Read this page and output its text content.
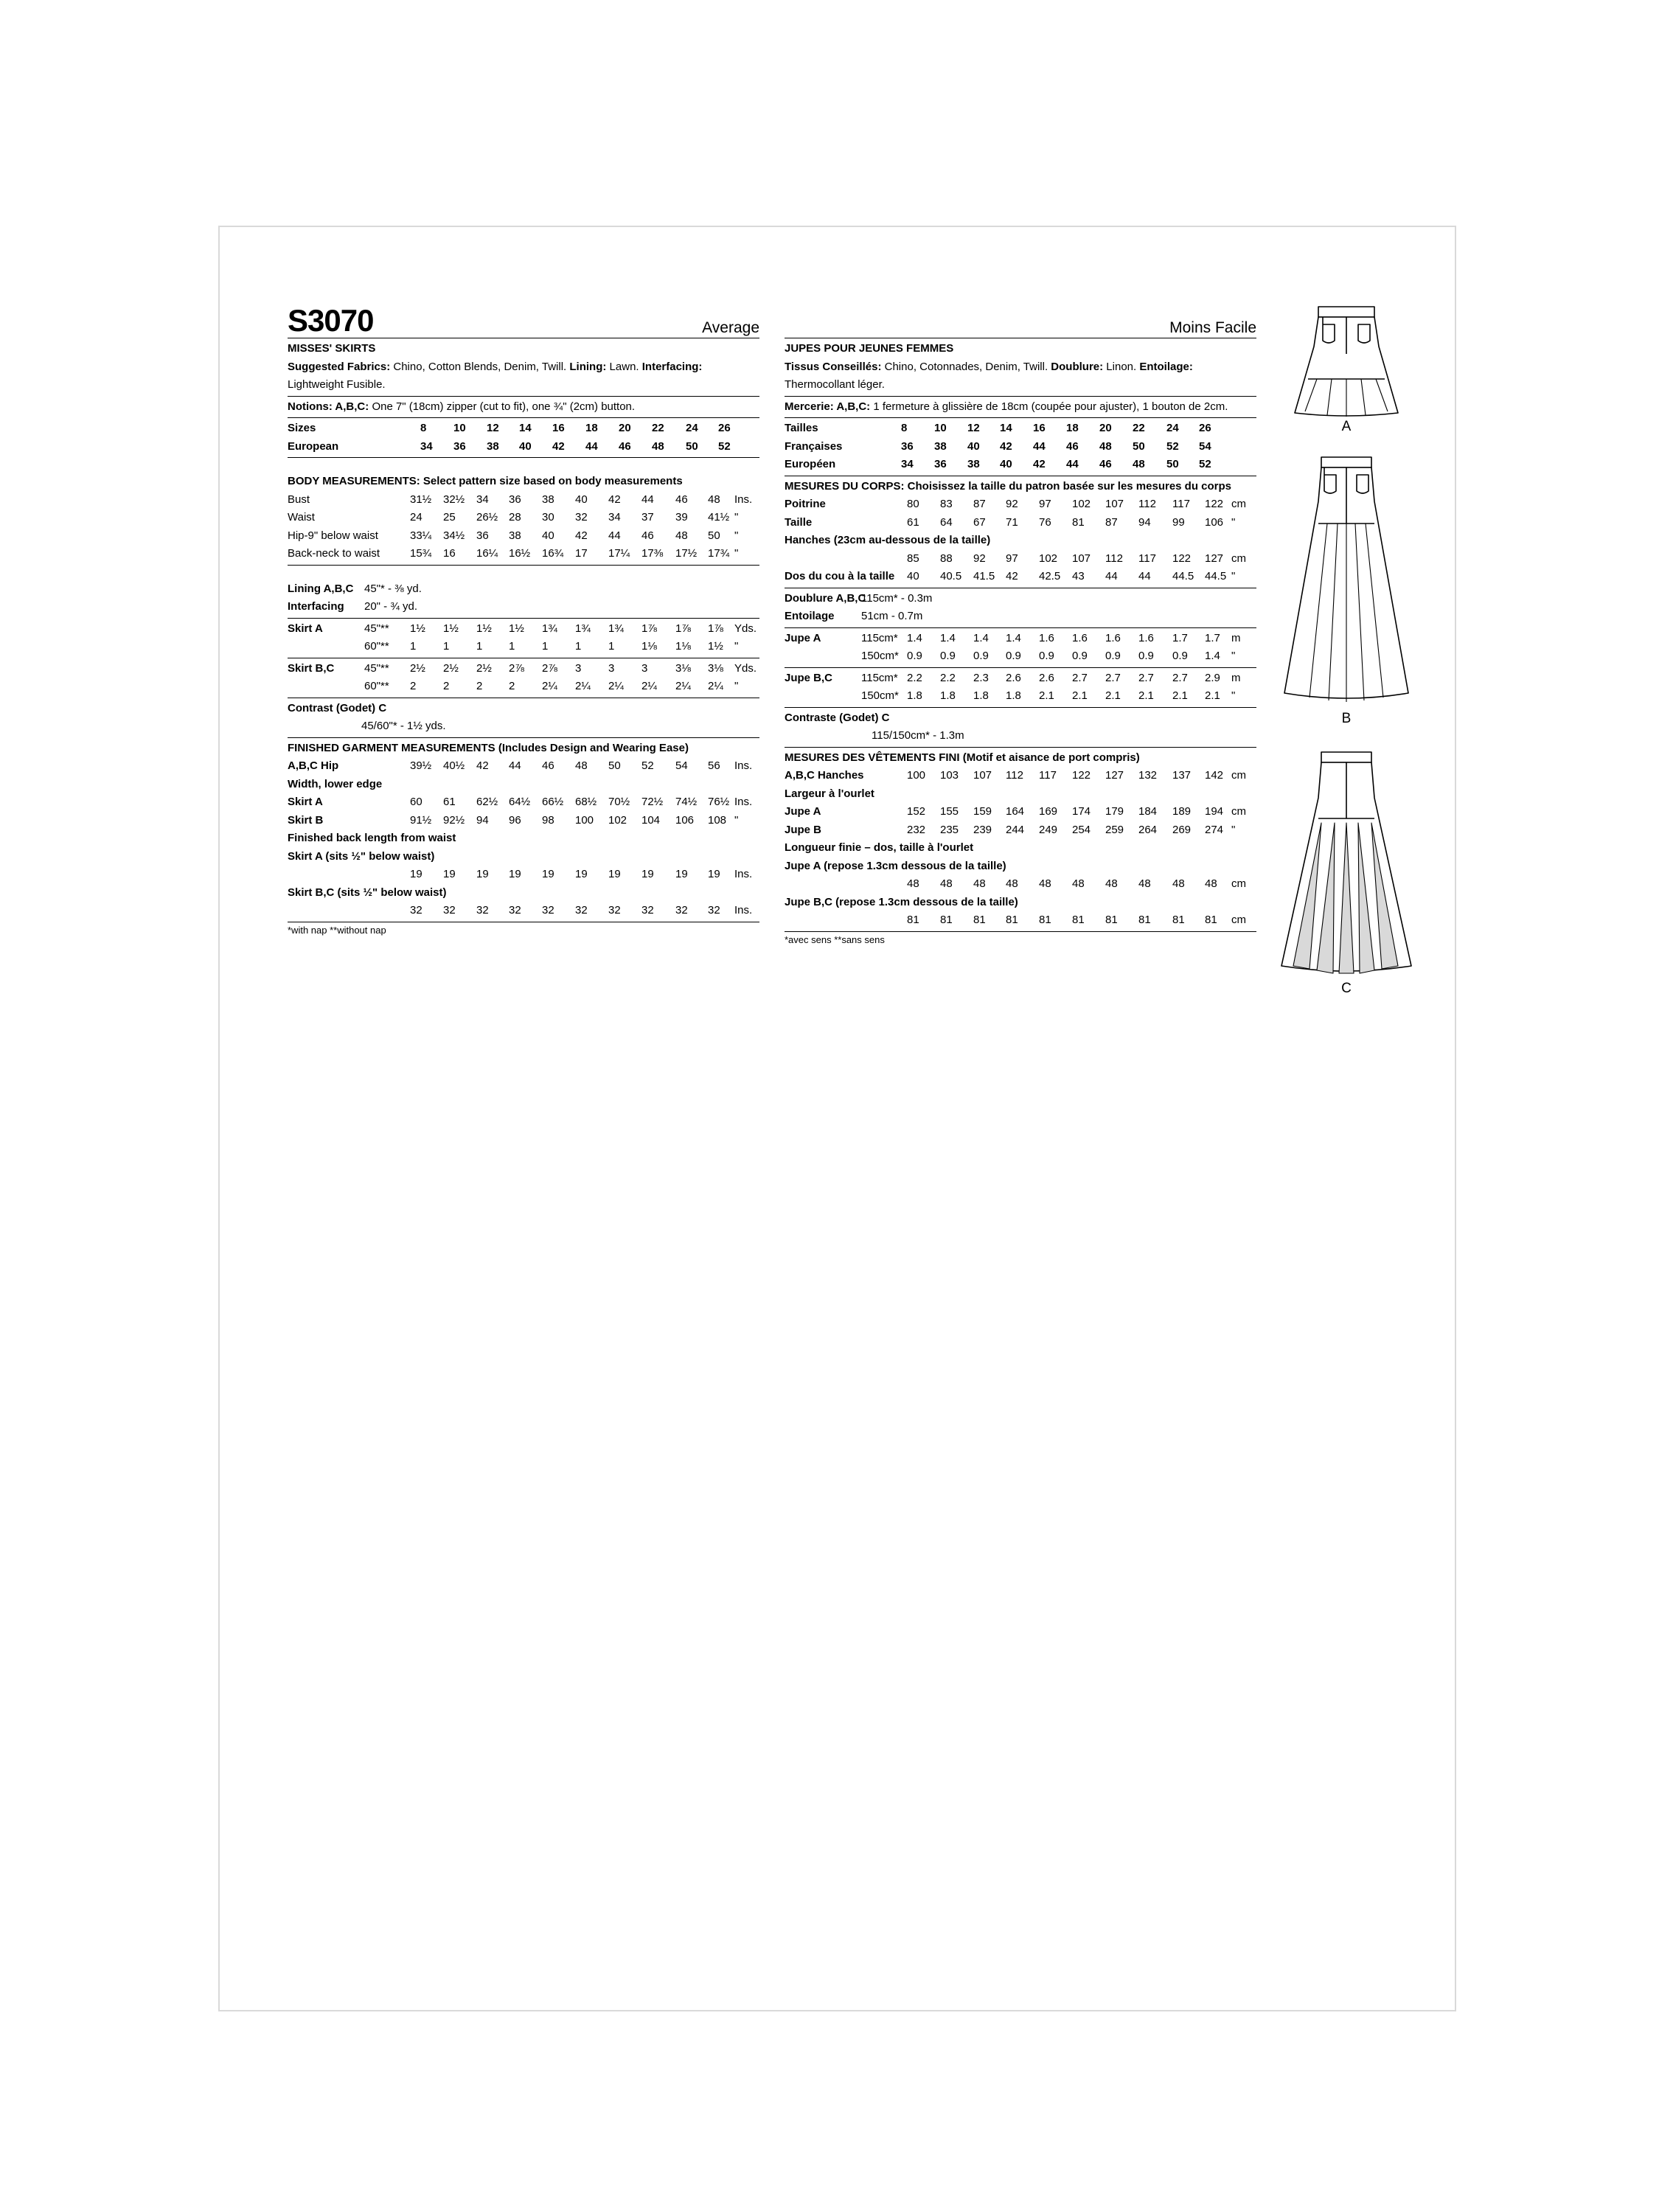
S3070	Average
MISSES' SKIRTS
Suggested Fabrics: Chino, Cotton Blends, Denim, Twill. Lining: Lawn. Interfacing: Lightweight Fusible.
Notions: A,B,C: One 7" (18cm) zipper (cut to fit), one ¾" (2cm) button.
Sizes	8 10 12 14 16 18 20 22 24 26
European	34 36 38 40 42 44 46 48 50 52
BODY MEASUREMENTS: Select pattern size based on body measurements
Bust	31½ 32½ 34 36 38 40 42 44 46 48 Ins.
Waist	24 25 26½ 28 30 32 34 37 39 41½ "
Hip-9" below waist	33¼ 34½ 36 38 40 42 44 46 48 50 "
Back-neck to waist	15¾ 16 16¼ 16½ 16¾ 17 17¼ 17⅜ 17½ 17¾ "
Lining A,B,C 45"* - ⅜ yd.
Interfacing 20" - ¾ yd.
Skirt A	45"** 1½ 1½ 1½ 1½ 1¾ 1¾ 1¾ 1⅞ 1⅞ 1⅞ Yds.
60"** 1 1 1 1 1 1 1 1⅛ 1⅛ 1½ "
Skirt B,C	45"** 2½ 2½ 2½ 2⅞ 2⅞ 3 3 3	3⅛ 3⅛ Yds.
60"** 2 2 2 2 2¼ 2¼ 2¼ 2¼ 2¼ 2¼ "
Contrast (Godet) C
45/60"* - 1½ yds.
FINISHED GARMENT MEASUREMENTS (Includes Design and Wearing Ease)
A,B,C Hip	39½ 40½ 42 44 46 48 50 52 54 56 Ins.
Width, lower edge
Skirt A	60 61 62½ 64½ 66½ 68½ 70½ 72½ 74½ 76½ Ins.
Skirt B	91½ 92½ 94 96 98 100 102 104 106 108 "
Finished back length from waist
Skirt A (sits ½" below waist)
19 19 19 19 19 19 19 19 19 19 Ins.
Skirt B,C (sits ½" below waist)
32 32 32 32 32 32 32 32 32 32 Ins.
*with nap **without nap
Moins Facile
JUPES POUR JEUNES FEMMES
Tissus Conseillés: Chino, Cotonnades, Denim, Twill. Doublure: Linon. Entoilage: Thermocollant léger.
Mercerie: A,B,C: 1 fermeture à glissière de 18cm (coupée pour ajuster), 1 bouton de 2cm.
Tailles	8 10 12 14 16 18 20 22 24 26
Françaises	36 38 40 42 44 46 48 50 52 54
Européen	34 36 38 40 42 44 46 48 50 52
MESURES DU CORPS: Choisissez la taille du patron basée sur les mesures du corps
Poitrine	80 83 87 92 97 102 107 112 117 122 cm
Taille	61 64 67 71 76 81 87 94 99 106 "
Hanches (23cm au-dessous de la taille)
85 88 92 97 102 107 112 117 122 127 cm
Dos du cou à la taille 40 40.5 41.5 42 42.5 43 44 44 44.5 44.5 "
Doublure A,B,C
115cm* - 0.3m
Entoilage 51cm - 0.7m
Jupe A	115cm* 1.4 1.4 1.4 1.4 1.6 1.6 1.6 1.6 1.7 1.7 m
150cm* 0.9 0.9 0.9 0.9 0.9 0.9 0.9 0.9 0.9 1.4 "
Jupe B,C	115cm* 2.2 2.2 2.3 2.6 2.6 2.7 2.7 2.7 2.7 2.9 m
150cm* 1.8 1.8 1.8 1.8 2.1 2.1 2.1 2.1 2.1 2.1 "
Contraste (Godet) C
115/150cm* - 1.3m
MESURES DES VÊTEMENTS FINI (Motif et aisance de port compris)
A,B,C Hanches	100 103 107 112 117 122 127 132 137 142 cm
Largeur à l'ourlet
Jupe A	152 155 159 164 169 174 179 184 189 194 cm
Jupe B	232 235 239 244 249 254 259 264 269 274 "
Longueur finie – dos, taille à l'ourlet
Jupe A (repose 1.3cm dessous de la taille)
48 48 48 48 48 48 48 48 48 48 cm
Jupe B,C (repose 1.3cm dessous de la taille)
81 81 81 81 81 81 81 81 81 81 cm
*avec sens **sans sens
A
B
C
